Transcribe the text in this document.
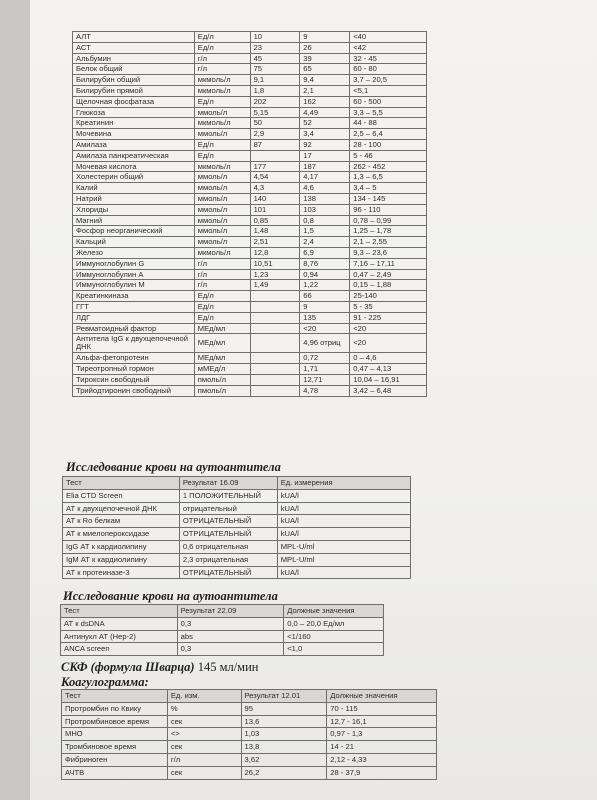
АЛТ	Ед/л	10	9	<40
АСТ	Ед/л	23	26	<42
Альбумин	г/л	45	39	32 - 45
Белок общий	г/л	75	65	60 - 80
Билирубин общий	мкмоль/л	9,1	9,4	3,7 – 20,5
Билирубин прямой	мкмоль/л	1,8	2,1	<5,1
Щелочная фосфатаза	Ед/л	202	162	60 - 500
Глюкоза	ммоль/л	5,15	4,49	3,3 – 5,5
Креатинин	мкмоль/л	50	52	44 - 88
Мочевина	ммоль/л	2,9	3,4	2,5 – 6,4
Амилаза	Ед/л	87	92	28 - 100
Амилаза панкреатическая	Ед/л		17	5 - 46
Мочевая кислота	мкмоль/л	177	187	262 - 452
Холестерин общий	ммоль/л	4,54	4,17	1,3 – 6,5
Калий	ммоль/л	4,3	4,6	3,4 – 5
Натрий	ммоль/л	140	138	134 - 145
Хлориды	ммоль/л	101	103	96 - 110
Магний	ммоль/л	0,85	0,8	0,78 – 0,99
Фосфор неорганический	ммоль/л	1,48	1,5	1,25 – 1,78
Кальций	ммоль/л	2,51	2,4	2,1 – 2,55
Железо	мкмоль/л	12,8	6,9	9,3 – 23,6
Иммуноглобулин G	г/л	10,51	8,76	7,16 – 17,11
Иммуноглобулин A	г/л	1,23	0,94	0,47 – 2,49
Иммуноглобулин M	г/л	1,49	1,22	0,15 – 1,88
Креатинкиназа	Ед/л		66	25-140
ГГТ	Ед/л		9	5 - 35
ЛДГ	Ед/л		135	91 - 225
Ревматоидный фактор	МЕд/мл		<20	<20
Антитела IgG к двухцепочечной ДНК	МЕд/мл		4,96 отриц	<20
Альфа-фетопротеин	МЕд/мл		0,72	0 – 4,6
Тиреотропный гормон	мМЕд/л		1,71	0,47 – 4,13
Тироксин свободный	пмоль/л		12,71	10,04 – 16,91
Трийодтиронин свободный	пмоль/л		4,78	3,42 – 6,48
Исследование крови на аутоантитела
Тест	Результат 16.09	Ед. измерения
Elia CTD Screen	1 ПОЛОЖИТЕЛЬНЫЙ	kUA/l
АТ к двухцепочечной ДНК	отрицательный	kUA/l
АТ к Ro белкам	ОТРИЦАТЕЛЬНЫЙ	kUA/l
АТ к миелопероксидазе	ОТРИЦАТЕЛЬНЫЙ	kUA/l
IgG АТ к кардиолипину	0,6 отрицательная	MPL-U/ml
IgM АТ к кардиолипину	2,3 отрицательная	MPL-U/ml
АТ к протеиназе-3	ОТРИЦАТЕЛЬНЫЙ	kUA/l
Исследование крови на аутоантитела
Тест	Результат 22.09	Должные значения
АТ к dsDNA	0,3	0,0 – 20,0 Ед/мл
Антинукл АТ (Hep-2)	abs	<1/160
ANCA screen	0,3	<1,0
СКФ (формула Шварца) 145 мл/мин
Коагулограмма:
Тест	Ед. изм.	Результат 12.01	Должные значения
Протромбин по Квику	%	95	70 - 115
Протромбиновое время	сек	13,6	12,7 - 16,1
МНО	<>	1,03	0,97 - 1,3
Тромбиновое время	сек	13,8	14 - 21
Фибриноген	г/л	3,62	2,12 - 4,33
АЧТВ	сек	26,2	28 - 37,9
